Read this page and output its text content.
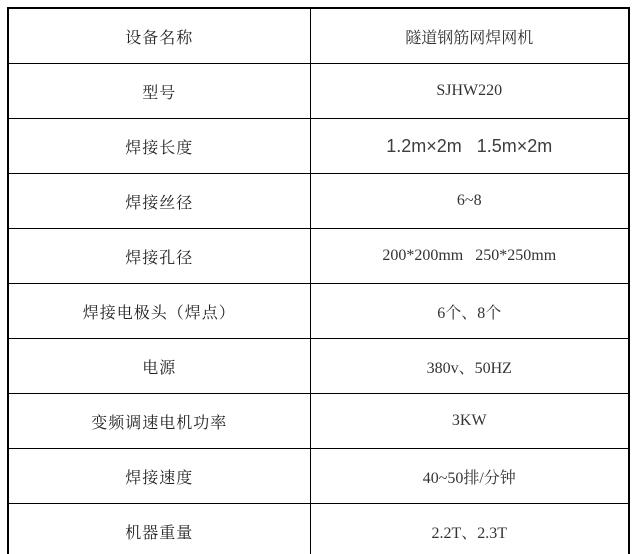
设备名称	隧道钢筋网焊网机
型号	SJHW220
焊接长度	1.2m×2m   1.5m×2m
焊接丝径	6~8
焊接孔径	200*200mm   250*250mm
焊接电极头（焊点）	6个、8个
电源	380v、50HZ
变频调速电机功率	3KW
焊接速度	40~50排/分钟
机器重量	2.2T、2.3T
